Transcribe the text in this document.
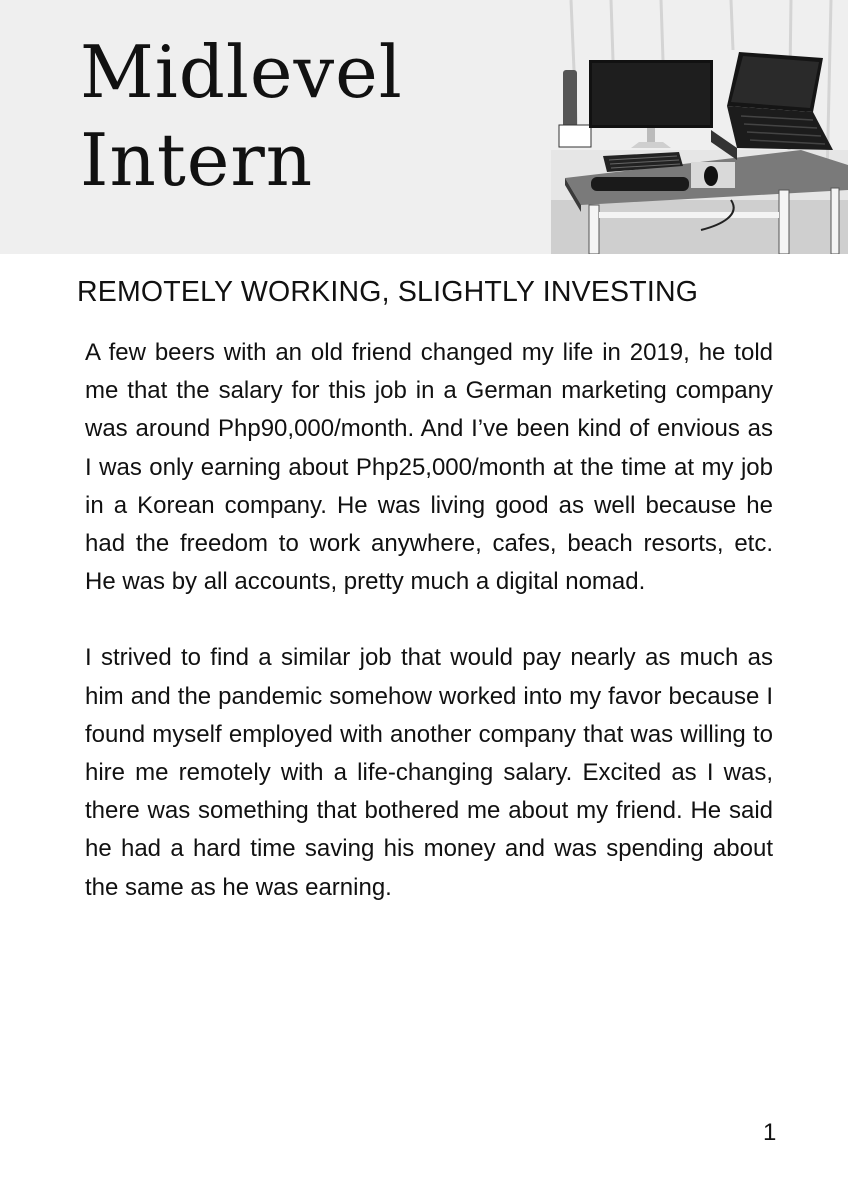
Midlevel
Intern
REMOTELY WORKING, SLIGHTLY INVESTING

A few beers with an old friend changed my life in 2019, he told me that the salary for this job in a German marketing company was around Php90,000/month. And I’ve been kind of envious as I was only earning about Php25,000/month at the time at my job in a Korean company. He was living good as well because he had the freedom to work anywhere, cafes, beach resorts, etc. He was by all accounts, pretty much a digital nomad.

I strived to find a similar job that would pay nearly as much as him and the pandemic somehow worked into my favor because I found myself employed with another company that was willing to hire me remotely with a life-changing salary. Excited as I was, there was something that bothered me about my friend. He said he had a hard time saving his money and was spending about the same as he was earning.

1
